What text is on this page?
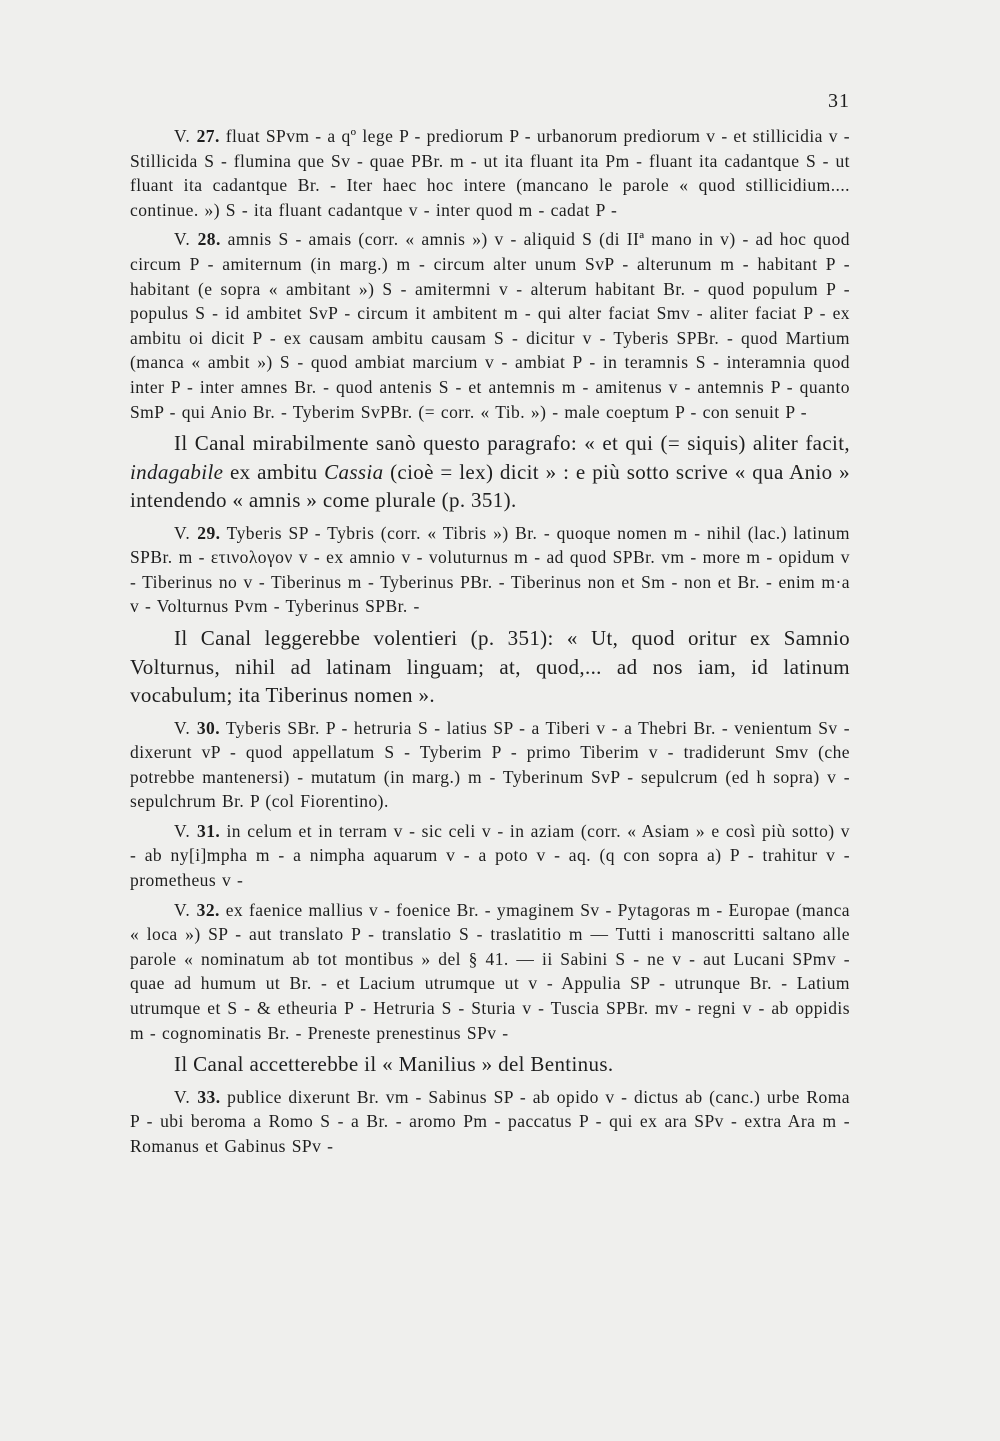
31

V. 27. fluat SPvm - a qº lege P - prediorum P - urbanorum prediorum v - et stillicidia v - Stillicida S - flumina que Sv - quae PBr. m - ut ita fluant ita Pm - fluant ita cadantque S - ut fluant ita cadantque Br. - Iter haec hoc intere (mancano le parole « quod stillicidium.... continue. ») S - ita fluant cadantque v - inter quod m - cadat P -

V. 28. amnis S - amais (corr. « amnis ») v - aliquid S (di IIª mano in v) - ad hoc quod circum P - amiternum (in marg.) m - circum alter unum SvP - alterunum m - habitant P - habitant (e sopra « ambitant ») S - amitermni v - alterum habitant Br. - quod populum P - populus S - id ambitet SvP - circum it ambitent m - qui alter faciat Smv - aliter faciat P - ex ambitu oi dicit P - ex causam ambitu causam S - dicitur v - Tyberis SPBr. - quod Martium (manca « ambit ») S - quod ambiat marcium v - ambiat P - in teramnis S - interamnia quod inter P - inter amnes Br. - quod antenis S - et antemnis m - amitenus v - antemnis P - quanto SmP - qui Anio Br. - Tyberim SvPBr. (= corr. « Tib. ») - male coeptum P - con senuit P -

Il Canal mirabilmente sanò questo paragrafo: « et qui (= siquis) aliter facit, indagabile ex ambitu Cassia (cioè = lex) dicit » : e più sotto scrive « qua Anio » intendendo « amnis » come plurale (p. 351).

V. 29. Tyberis SP - Tybris (corr. « Tibris ») Br. - quoque nomen m - nihil (lac.) latinum SPBr. m - ετινολογον v - ex amnio v - voluturnus m - ad quod SPBr. vm - more m - opidum v - Tiberinus no v - Tiberinus m - Tyberinus PBr. - Tiberinus non et Sm - non et Br. - enim m·a v - Volturnus Pvm - Tyberinus SPBr. -

Il Canal leggerebbe volentieri (p. 351): « Ut, quod oritur ex Samnio Volturnus, nihil ad latinam linguam; at, quod,... ad nos iam, id latinum vocabulum; ita Tiberinus nomen ».

V. 30. Tyberis SBr. P - hetruria S - latius SP - a Tiberi v - a Thebri Br. - venientum Sv - dixerunt vP - quod appellatum S - Tyberim P - primo Tiberim v - tradiderunt Smv (che potrebbe mantenersi) - mutatum (in marg.) m - Tyberinum SvP - sepulcrum (ed h sopra) v - sepulchrum Br. P (col Fiorentino).

V. 31. in celum et in terram v - sic celi v - in aziam (corr. « Asiam » e così più sotto) v - ab ny[i]mpha m - a nimpha aquarum v - a poto v - aq. (q con sopra a) P - trahitur v - prometheus v -

V. 32. ex faenice mallius v - foenice Br. - ymaginem Sv - Pytagoras m - Europae (manca « loca ») SP - aut translato P - translatio S - traslatitio m — Tutti i manoscritti saltano alle parole « nominatum ab tot montibus » del § 41. — ii Sabini S - ne v - aut Lucani SPmv - quae ad humum ut Br. - et Lacium utrumque ut v - Appulia SP - utrunque Br. - Latium utrumque et S - & etheuria P - Hetruria S - Sturia v - Tuscia SPBr. mv - regni v - ab oppidis m - cognominatis Br. - Preneste prenestinus SPv -

Il Canal accetterebbe il « Manilius » del Bentinus.

V. 33. publice dixerunt Br. vm - Sabinus SP - ab opido v - dictus ab (canc.) urbe Roma P - ubi beroma a Romo S - a Br. - aromo Pm - paccatus P - qui ex ara SPv - extra Ara m - Romanus et Gabinus SPv -
